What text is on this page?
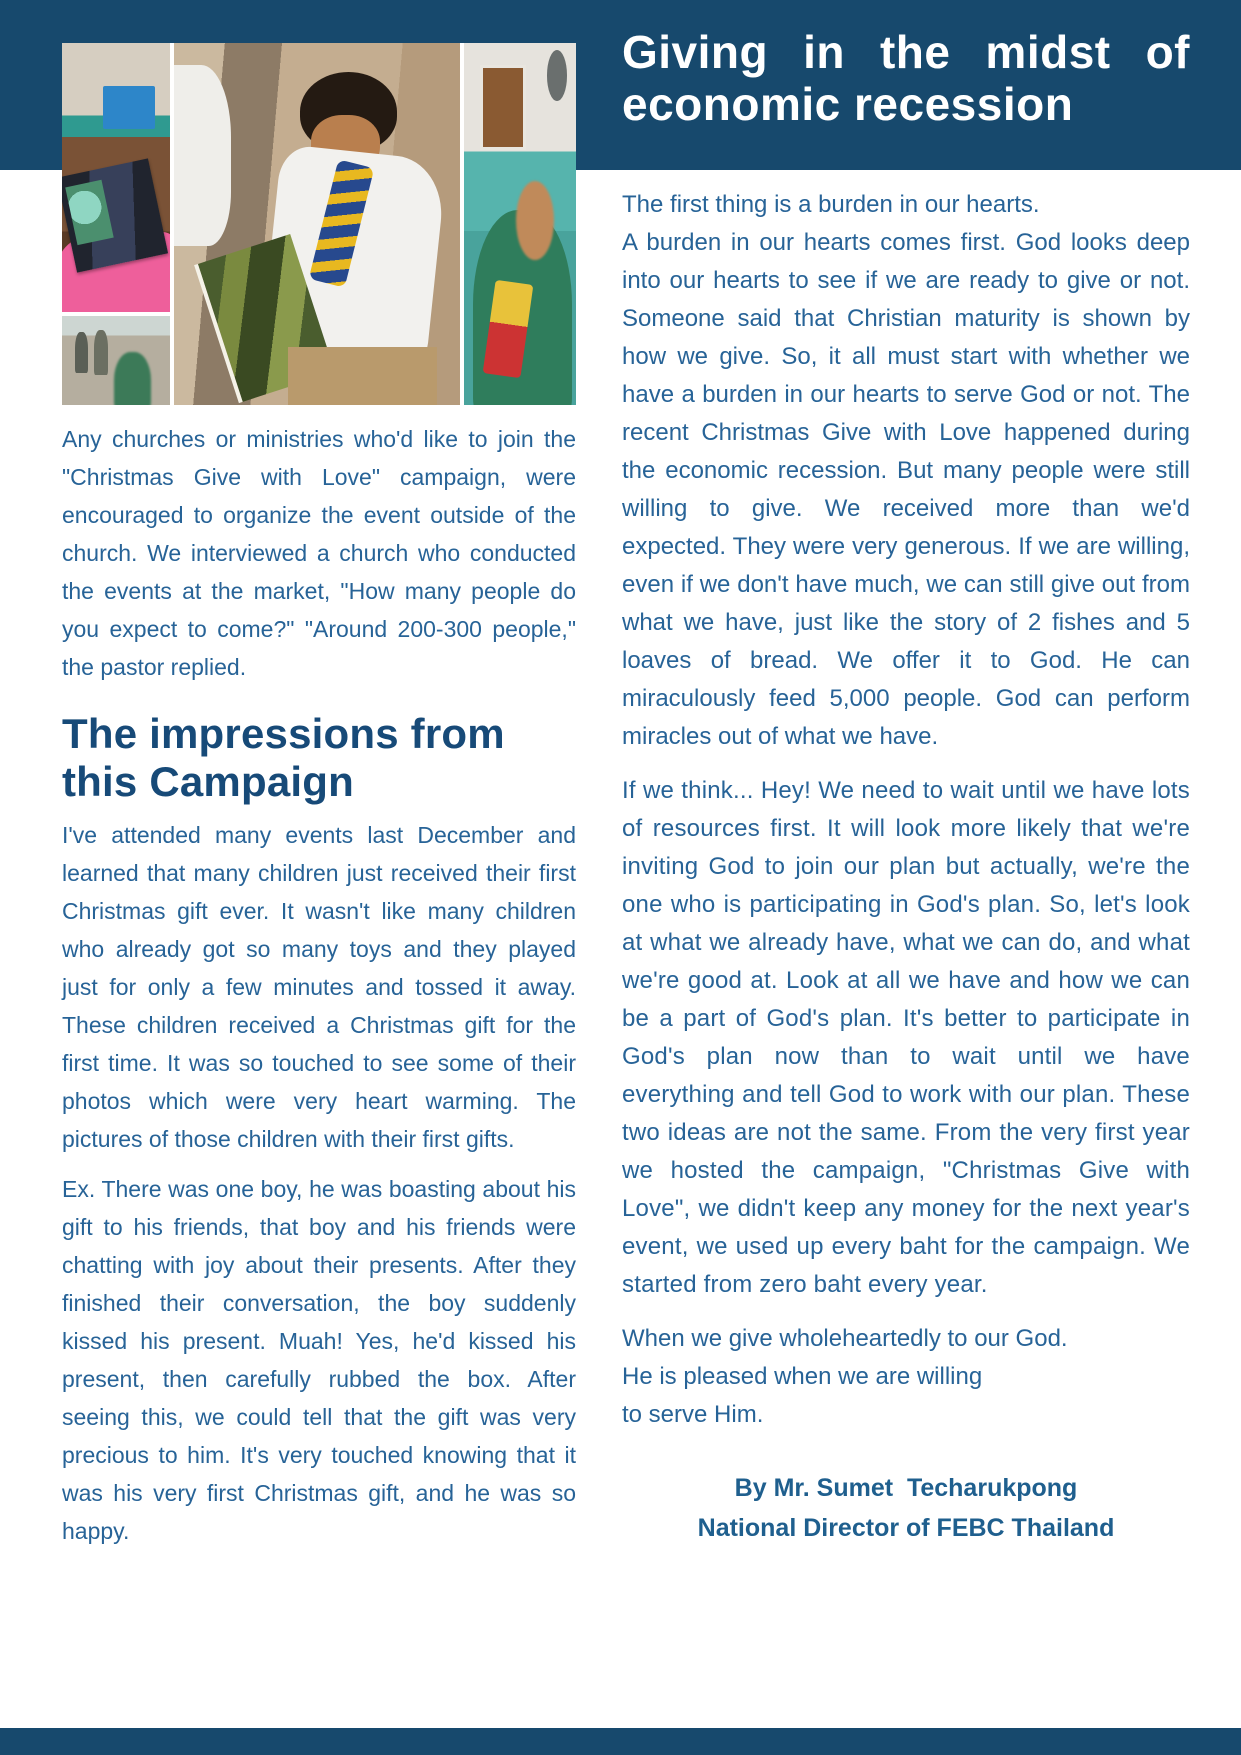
Giving in the midst of
economic recession

Any churches or ministries who'd like to join the "Christmas Give with Love" campaign, were encouraged to organize the event outside of the church. We interviewed a church who conducted the events at the market, "How many people do you expect to come?" "Around 200-300 people," the pastor replied.

The impressions from this Campaign

I've attended many events last December and learned that many children just received their first Christmas gift ever. It wasn't like many children who already got so many toys and they played just for only a few minutes and tossed it away. These children received a Christmas gift for the first time. It was so touched to see some of their photos which were very heart warming. The pictures of those children with their first gifts.

Ex. There was one boy, he was boasting about his gift to his friends, that boy and his friends were chatting with joy about their presents. After they finished their conversation, the boy suddenly kissed his present. Muah! Yes, he'd kissed his present, then carefully rubbed the box. After seeing this, we could tell that the gift was very precious to him. It's very touched knowing that it was his very first Christmas gift, and he was so happy.

The first thing is a burden in our hearts.
A burden in our hearts comes first. God looks deep into our hearts to see if we are ready to give or not. Someone said that Christian maturity is shown by how we give. So, it all must start with whether we have a burden in our hearts to serve God or not. The recent Christmas Give with Love happened during the economic recession. But many people were still willing to give. We received more than we'd expected. They were very generous. If we are willing, even if we don't have much, we can still give out from what we have, just like the story of 2 fishes and 5 loaves of bread. We offer it to God. He can miraculously feed 5,000 people. God can perform miracles out of what we have.

If we think... Hey! We need to wait until we have lots of resources first. It will look more likely that we're inviting God to join our plan but actually, we're the one who is participating in God's plan. So, let's look at what we already have, what we can do, and what we're good at. Look at all we have and how we can be a part of God's plan. It's better to participate in God's plan now than to wait until we have everything and tell God to work with our plan. These two ideas are not the same. From the very first year we hosted the campaign, "Christmas Give with Love", we didn't keep any money for the next year's event, we used up every baht for the campaign. We started from zero baht every year.

When we give wholeheartedly to our God.
He is pleased when we are willing
to serve Him.

By Mr. Sumet  Techarukpong
National Director of FEBC Thailand
